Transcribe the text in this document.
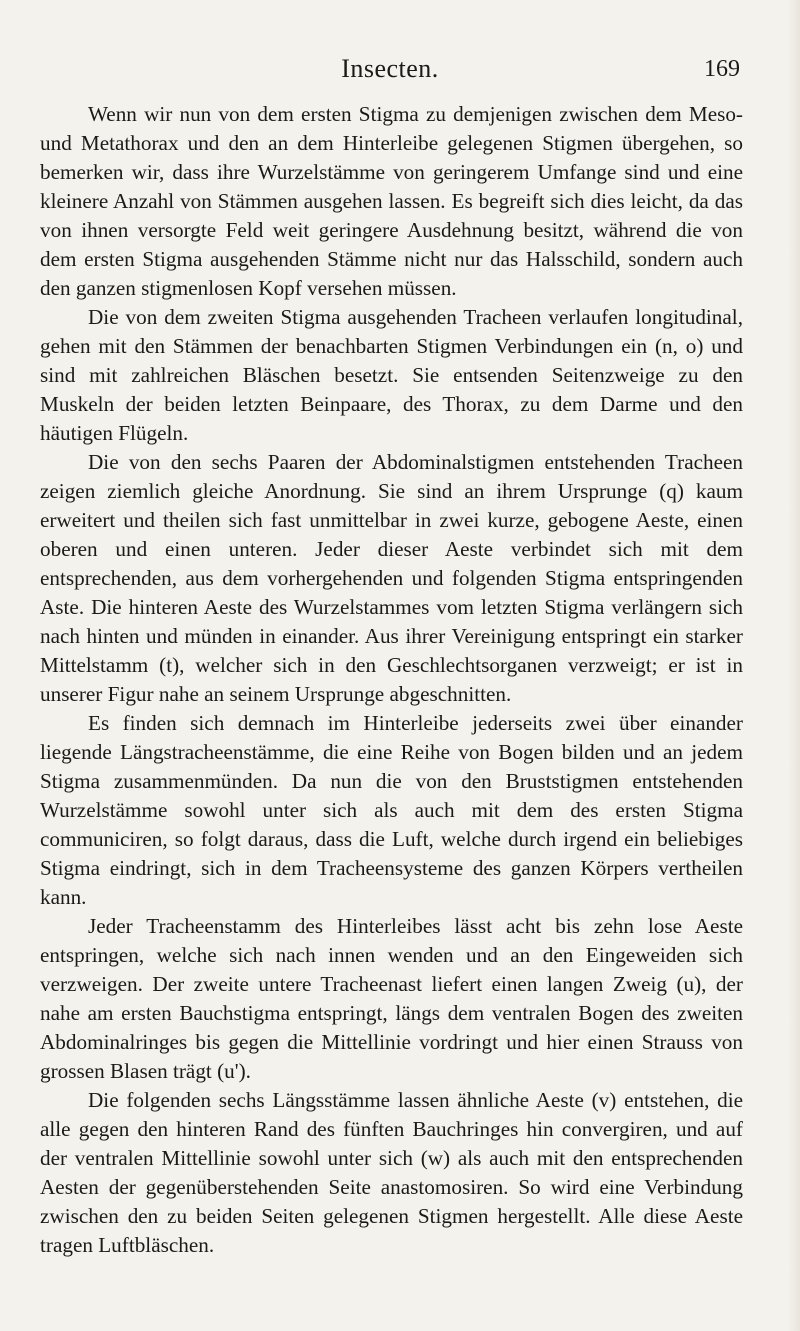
Insecten.	169

Wenn wir nun von dem ersten Stigma zu demjenigen zwischen dem Meso- und Metathorax und den an dem Hinterleibe gelegenen Stigmen übergehen, so bemerken wir, dass ihre Wurzelstämme von geringerem Umfange sind und eine kleinere Anzahl von Stämmen ausgehen lassen. Es begreift sich dies leicht, da das von ihnen versorgte Feld weit geringere Ausdehnung besitzt, während die von dem ersten Stigma ausgehenden Stämme nicht nur das Halsschild, sondern auch den ganzen stigmenlosen Kopf versehen müssen.

Die von dem zweiten Stigma ausgehenden Tracheen verlaufen longitudinal, gehen mit den Stämmen der benachbarten Stigmen Verbindungen ein (n, o) und sind mit zahlreichen Bläschen besetzt. Sie entsenden Seitenzweige zu den Muskeln der beiden letzten Beinpaare, des Thorax, zu dem Darme und den häutigen Flügeln.

Die von den sechs Paaren der Abdominalstigmen entstehenden Tracheen zeigen ziemlich gleiche Anordnung. Sie sind an ihrem Ursprunge (q) kaum erweitert und theilen sich fast unmittelbar in zwei kurze, gebogene Aeste, einen oberen und einen unteren. Jeder dieser Aeste verbindet sich mit dem entsprechenden, aus dem vorhergehenden und folgenden Stigma entspringenden Aste. Die hinteren Aeste des Wurzelstammes vom letzten Stigma verlängern sich nach hinten und münden in einander. Aus ihrer Vereinigung entspringt ein starker Mittelstamm (t), welcher sich in den Geschlechtsorganen verzweigt; er ist in unserer Figur nahe an seinem Ursprunge abgeschnitten.

Es finden sich demnach im Hinterleibe jederseits zwei über einander liegende Längstracheenstämme, die eine Reihe von Bogen bilden und an jedem Stigma zusammenmünden. Da nun die von den Bruststigmen entstehenden Wurzelstämme sowohl unter sich als auch mit dem des ersten Stigma communiciren, so folgt daraus, dass die Luft, welche durch irgend ein beliebiges Stigma eindringt, sich in dem Tracheensysteme des ganzen Körpers vertheilen kann.

Jeder Tracheenstamm des Hinterleibes lässt acht bis zehn lose Aeste entspringen, welche sich nach innen wenden und an den Eingeweiden sich verzweigen. Der zweite untere Tracheenast liefert einen langen Zweig (u), der nahe am ersten Bauchstigma entspringt, längs dem ventralen Bogen des zweiten Abdominalringes bis gegen die Mittellinie vordringt und hier einen Strauss von grossen Blasen trägt (u').

Die folgenden sechs Längsstämme lassen ähnliche Aeste (v) entstehen, die alle gegen den hinteren Rand des fünften Bauchringes hin convergiren, und auf der ventralen Mittellinie sowohl unter sich (w) als auch mit den entsprechenden Aesten der gegenüberstehenden Seite anastomosiren. So wird eine Verbindung zwischen den zu beiden Seiten gelegenen Stigmen hergestellt. Alle diese Aeste tragen Luftbläschen.
